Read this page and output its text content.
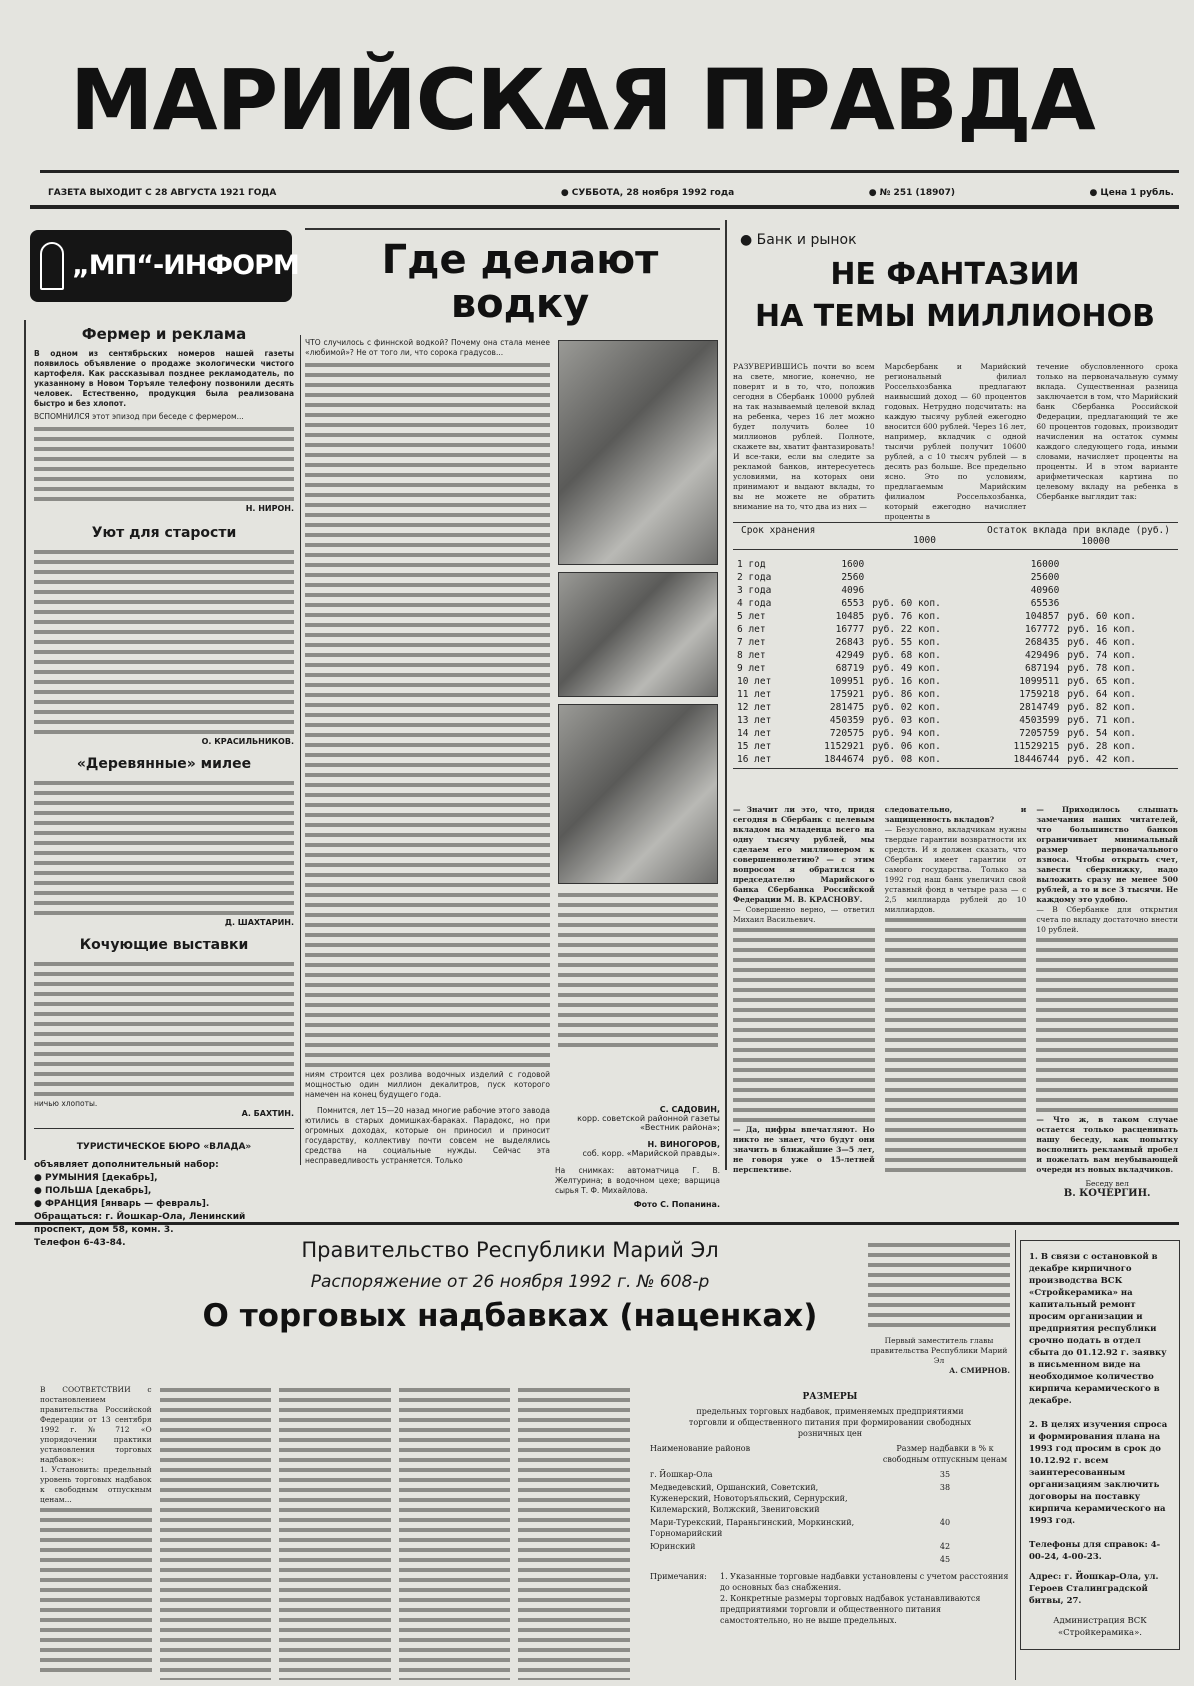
МАРИЙСКАЯ ПРАВДА
ГАЗЕТА ВЫХОДИТ С 28 АВГУСТА 1921 ГОДА	● СУББОТА, 28 ноября 1992 года	● № 251 (18907)	● Цена 1 рубль.
„МП“-ИНФОРМ
Фермер и реклама
В одном из сентябрьских номеров нашей газеты появилось объявление о продаже экологически чистого картофеля. Как рассказывал позднее рекламодатель, по указанному в Новом Торъяле телефону позвонили десять человек. Естественно, продукция была реализована быстро и без хлопот.
ВСПОМНИЛСЯ этот эпизод при беседе с фермером...
Н. НИРОН.
Уют для старости
О. КРАСИЛЬНИКОВ.
«Деревянные» милее
Д. ШАХТАРИН.
Кочующие выставки
ничью хлопоты.
А. БАХТИН.
ТУРИСТИЧЕСКОЕ БЮРО «ВЛАДА»
объявляет дополнительный набор:
● РУМЫНИЯ [декабрь],
● ПОЛЬША [декабрь],
● ФРАНЦИЯ [январь — февраль].
Обращаться: г. Йошкар-Ола, Ленинский проспект, дом 58, комн. 3.
Телефон 6-43-84.
Где делают
водку
ЧТО случилось с финнской водкой? Почему она стала менее «любимой»? Не от того ли, что сорока градусов...
ниям строится цех розлива водочных изделий с годовой мощностью один миллион декалитров, пуск которого намечен на конец будущего года.
Помнится, лет 15—20 назад многие рабочие этого завода ютились в старых домишках-бараках. Парадокс, но при огромных доходах, которые он приносил и приносит государству, коллективу почти совсем не выделялись средства на социальные нужды. Сейчас эта несправедливость устраняется. Только
С. САДОВИН,
корр. советской районной газеты «Вестник района»;
Н. ВИНОГОРОВ,
соб. корр. «Марийской правды».
На снимках: автоматчица Г. В. Желтурина; в водочном цехе; варщица сырья Т. Ф. Михайлова.
Фото С. Попанина.
● Банк и рынок
НЕ ФАНТАЗИИ
НА ТЕМЫ МИЛЛИОНОВ
РАЗУВЕРИВШИСЬ почти во всем на свете, многие, конечно, не поверят и в то, что, положив сегодня в Сбербанк 10000 рублей на так называемый целевой вклад на ребенка, через 16 лет можно будет получить более 10 миллионов рублей. Полноте, скажете вы, хватит фантазировать! И все-таки, если вы следите за рекламой банков, интересуетесь условиями, на которых они принимают и выдают вклады, то вы не можете не обратить внимание на то, что два из них —
Марсбербанк и Марийский региональный филиал Россельхозбанка предлагают наивысший доход — 60 процентов годовых. Нетрудно подсчитать: на каждую тысячу рублей ежегодно вносится 600 рублей. Через 16 лет, например, вкладчик с одной тысячи рублей получит 10600 рублей, а с 10 тысяч рублей — в десять раз больше. Все предельно ясно. Это по условиям, предлагаемым Марийским филиалом Россельхозбанка, который ежегодно начисляет проценты в
течение обусловленного срока только на первоначальную сумму вклада. Существенная разница заключается в том, что Марийский банк Сбербанка Российской Федерации, предлагающий те же 60 процентов годовых, производит начисления на остаток суммы каждого следующего года, иными словами, начисляет проценты на проценты. И в этом варианте арифметическая картина по целевому вкладу на ребенка в Сбербанке выглядит так:
Срок хранения
1000
Остаток вклада при вкладе (руб.)
10000
1 год	1600		16000	
2 года	2560		25600	
3 года	4096		40960	
4 года	6553	руб. 60 коп.	65536	
5 лет	10485	руб. 76 коп.	104857	руб. 60 коп.
6 лет	16777	руб. 22 коп.	167772	руб. 16 коп.
7 лет	26843	руб. 55 коп.	268435	руб. 46 коп.
8 лет	42949	руб. 68 коп.	429496	руб. 74 коп.
9 лет	68719	руб. 49 коп.	687194	руб. 78 коп.
10 лет	109951	руб. 16 коп.	1099511	руб. 65 коп.
11 лет	175921	руб. 86 коп.	1759218	руб. 64 коп.
12 лет	281475	руб. 02 коп.	2814749	руб. 82 коп.
13 лет	450359	руб. 03 коп.	4503599	руб. 71 коп.
14 лет	720575	руб. 94 коп.	7205759	руб. 54 коп.
15 лет	1152921	руб. 06 коп.	11529215	руб. 28 коп.
16 лет	1844674	руб. 08 коп.	18446744	руб. 42 коп.
— Значит ли это, что, придя сегодня в Сбербанк с целевым вкладом на младенца всего на одну тысячу рублей, мы сделаем его миллионером к совершеннолетию? — с этим вопросом я обратился к председателю Марийского банка Сбербанка Российской Федерации М. В. КРАСНОВУ.
— Совершенно верно, — ответил Михаил Васильевич.
— Да, цифры впечатляют. Но никто не знает, что будут они значить в ближайшие 3—5 лет, не говоря уже о 15-летней перспективе.
следовательно, и защищенность вкладов?
— Безусловно, вкладчикам нужны твердые гарантии возвратности их средств. И я должен сказать, что Сбербанк имеет гарантии от самого государства. Только за 1992 год наш банк увеличил свой уставный фонд в четыре раза — с 2,5 миллиарда рублей до 10 миллиардов.
— Приходилось слышать замечания наших читателей, что большинство банков ограничивает минимальный размер первоначального взноса. Чтобы открыть счет, завести сберкнижку, надо выложить сразу не менее 500 рублей, а то и все 3 тысячи. Не каждому это удобно.
— В Сбербанке для открытия счета по вкладу достаточно внести 10 рублей.
— Что ж, в таком случае остается только расценивать нашу беседу, как попытку восполнить рекламный пробел и пожелать вам неубывающей очереди из новых вкладчиков.
Беседу вел
В. КОЧЕРГИН.
Правительство Республики Марий Эл
Распоряжение от 26 ноября 1992 г. № 608-р
О торговых надбавках (наценках)
В СООТВЕТСТВИИ с постановлением правительства Российской Федерации от 13 сентября 1992 г. № 712 «О упорядочении практики установления торговых надбавок»:
1. Установить: предельный уровень торговых надбавок к свободным отпускным ценам...
Первый заместитель главы правительства Республики Марий Эл
А. СМИРНОВ.
РАЗМЕРЫ
предельных торговых надбавок, применяемых предприятиями торговли и общественного питания при формировании свободных розничных цен
Наименование районов	Размер надбавки в % к свободным отпускным ценам
г. Йошкар-Ола	35
Медведевский, Оршанский, Советский, Куженерский, Новоторъяльский, Сернурский, Килемарский, Волжский, Звениговский
38
Мари-Турекский, Параньгинский, Моркинский, Горномарийский
40
Юринский	42
45
Примечания:	1. Указанные торговые надбавки установлены с учетом расстояния до основных баз снабжения.
2. Конкретные размеры торговых надбавок устанавливаются предприятиями торговли и общественного питания самостоятельно, но не выше предельных.
1. В связи с остановкой в декабре кирпичного производства ВСК «Стройкерамика» на капитальный ремонт просим организации и предприятия республики срочно подать в отдел сбыта до 01.12.92 г. заявку в письменном виде на необходимое количество кирпича керамического в декабре.
2. В целях изучения спроса и формирования плана на 1993 год просим в срок до 10.12.92 г. всем заинтересованным организациям заключить договоры на поставку кирпича керамического на 1993 год.
Телефоны для справок: 4-00-24, 4-00-23.
Адрес: г. Йошкар-Ола, ул. Героев Сталинградской битвы, 27.
Администрация ВСК «Стройкерамика».
